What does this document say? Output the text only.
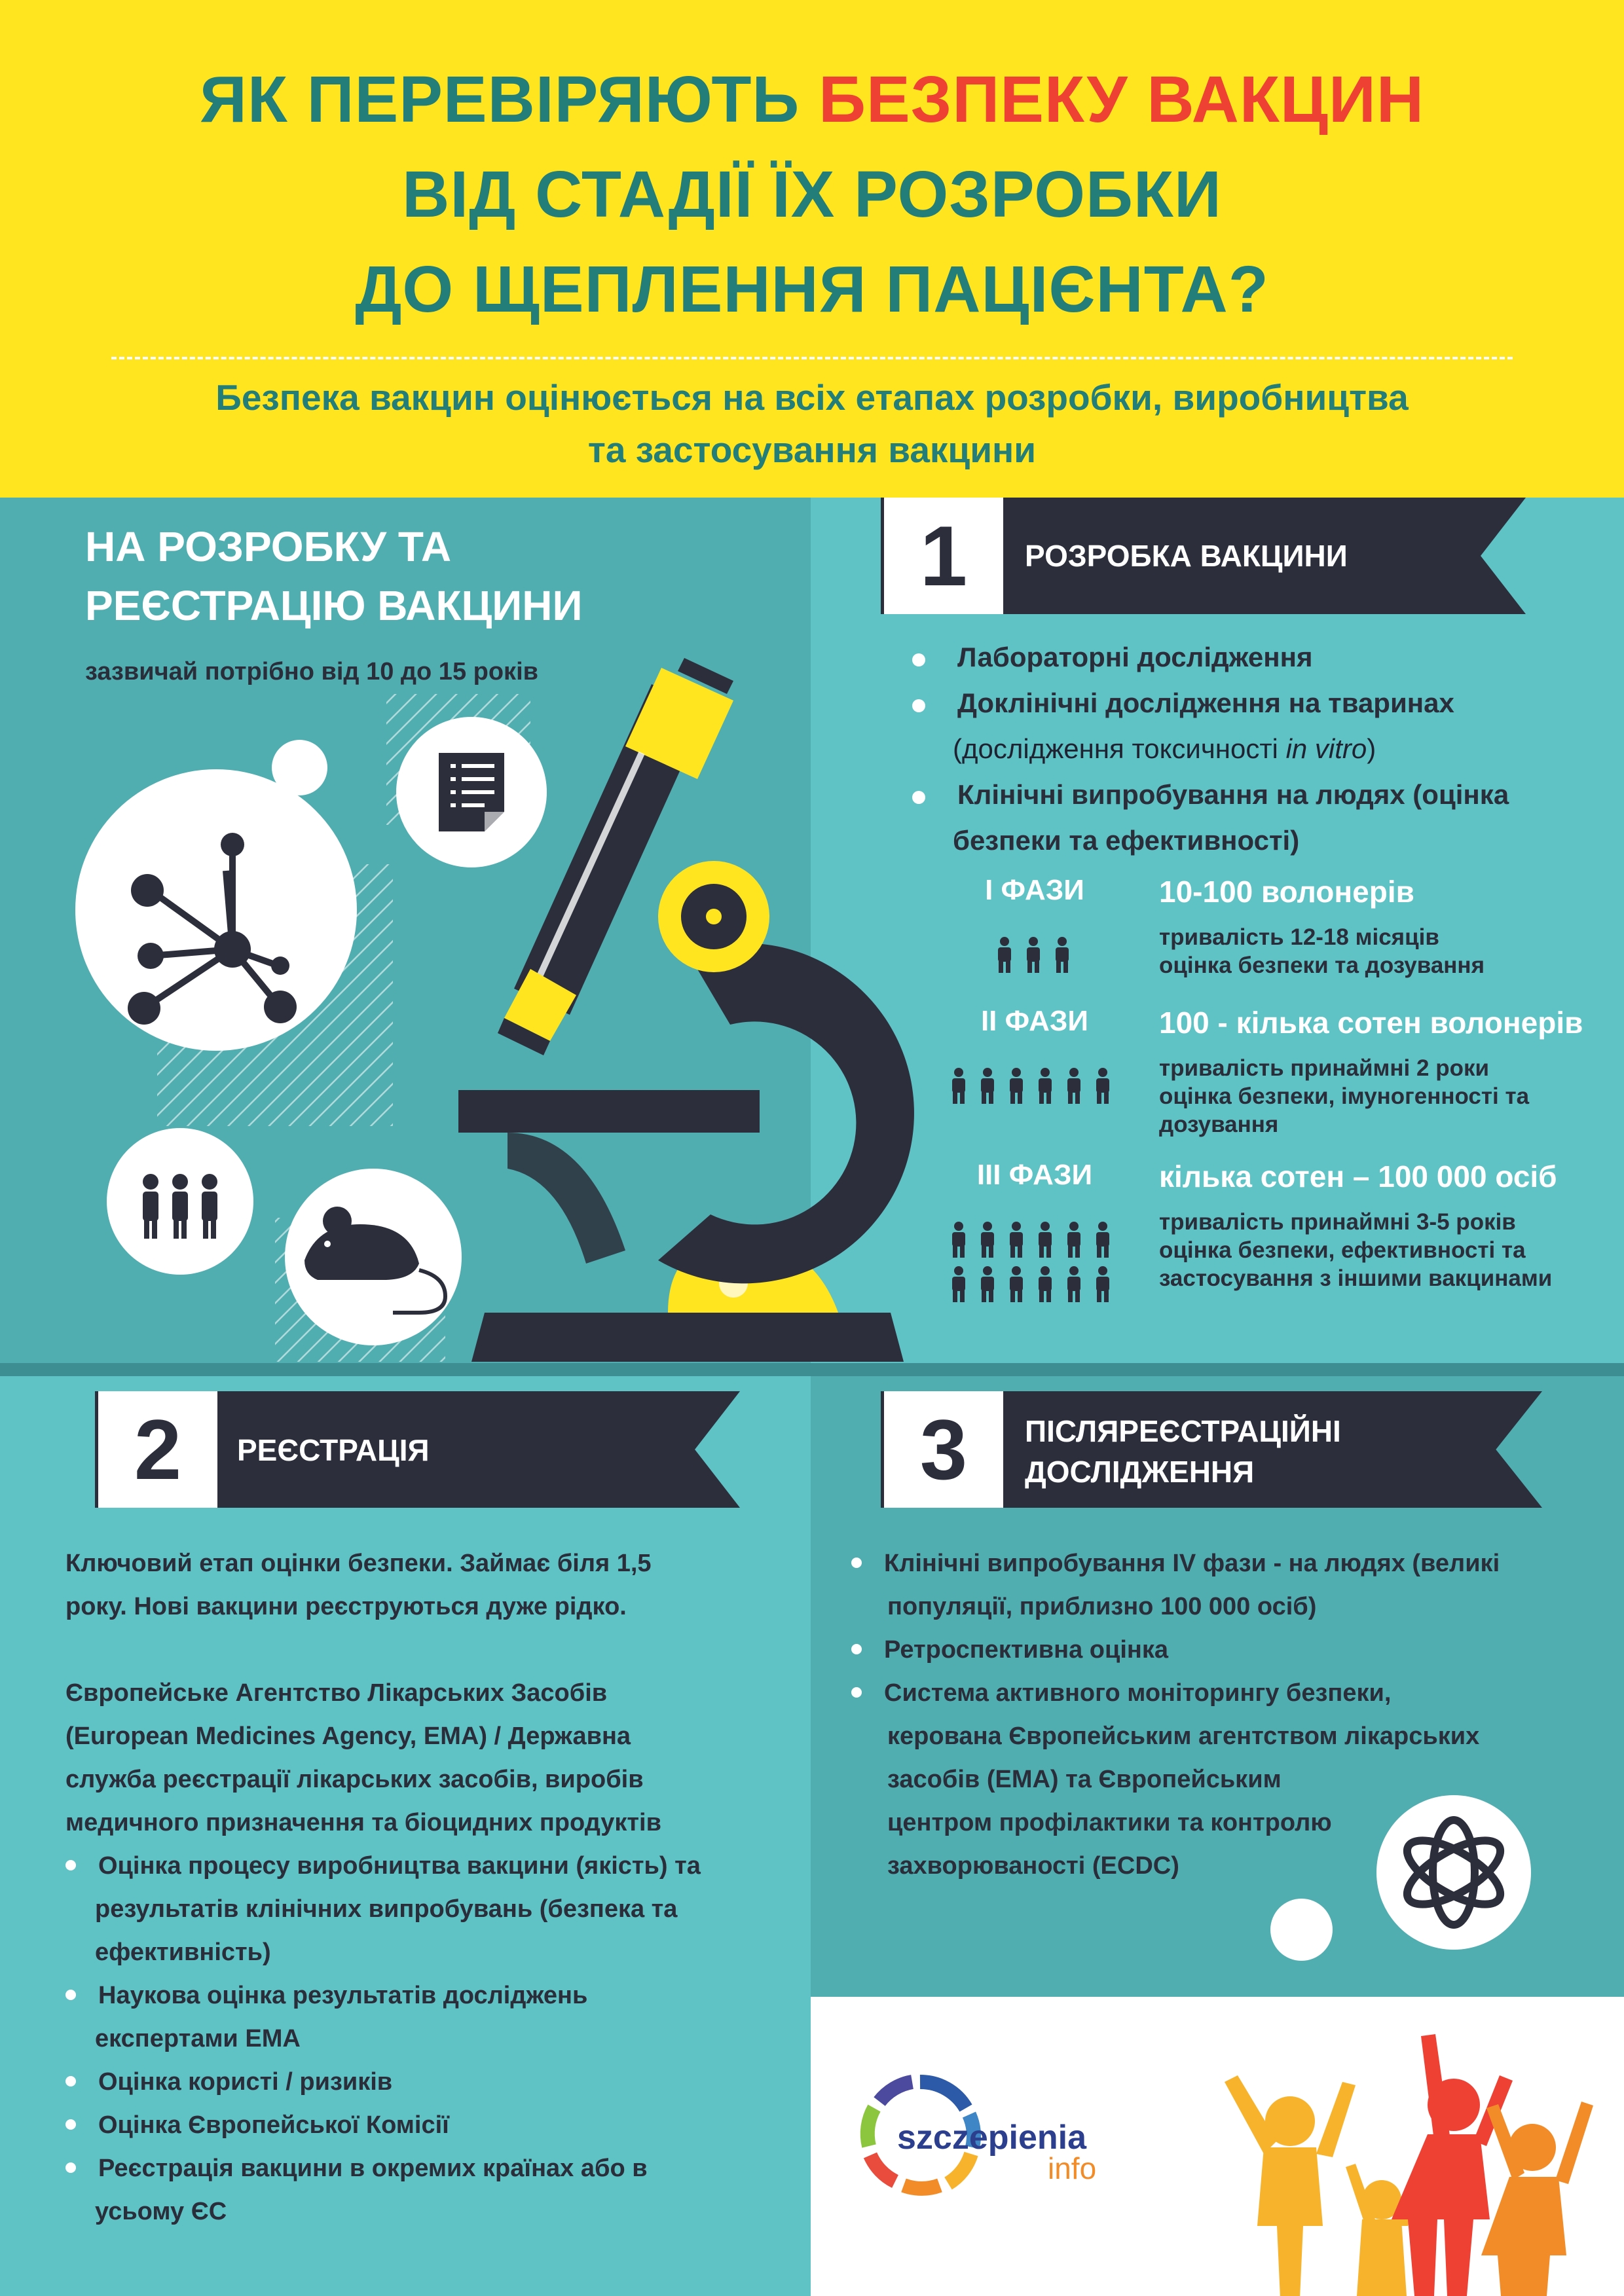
ЯК ПЕРЕВІРЯЮТЬ БЕЗПЕКУ ВАКЦИН
ВІД СТАДІЇ ЇХ РОЗРОБКИ
ДО ЩЕПЛЕННЯ ПАЦІЄНТА?
Безпека вакцин оцінюється на всіх етапах розробки, виробництва
та застосування вакцини
НА РОЗРОБКУ ТА
РЕЄСТРАЦІЮ ВАКЦИНИ
зазвичай потрібно від 10 до 15 років
1	РОЗРОБКА ВАКЦИНИ
Лабораторні дослідження
Доклінічні дослідження на тваринах
(дослідження токсичності in vitro)
Клінічні випробування на людях (оцінка
безпеки та ефективності)
2	РЕЄСТРАЦІЯ	3	ПІСЛЯРЕЄСТРАЦІЙНІ
ДОСЛІДЖЕННЯ
szczepienia
info
І ФАЗИ	10-100 волонерів
тривалість 12-18 місяців
оцінка безпеки та дозування
ІІ ФАЗИ	100 - кілька сотен волонерів
тривалість принаймні 2 роки
оцінка безпеки, імуногенності та
дозування
ІІІ ФАЗИ	кілька сотен – 100 000 осіб
тривалість принаймні 3-5 років
оцінка безпеки, ефективності та
застосування з іншими вакцинами
Ключовий етап оцінки безпеки. Займає біля 1,5
року. Нові вакцини реєструються дуже рідко.
Європейське Агентство Лікарських Засобів
(European Medicines Agency, EMA) / Державна
служба реєстрації лікарських засобів, виробів
медичного призначення та біоцидних продуктів
Оцінка процесу виробництва вакцини (якість) та
результатів клінічних випробувань (безпека та
ефективність)
Наукова оцінка результатів досліджень
експертами ЕМА
Оцінка користі / ризиків
Оцінка Європейської Комісії
Реєстрація вакцини в окремих країнах або в
усьому ЄС
Клінічні випробування IV фази - на людях (великі
популяції, приблизно 100 000 осіб)
Ретроспективна оцінка
Система активного моніторингу безпеки,
керована Європейським агентством лікарських
засобів (ЕМА) та Європейським
центром профілактики та контролю
захворюваності (ECDC)
